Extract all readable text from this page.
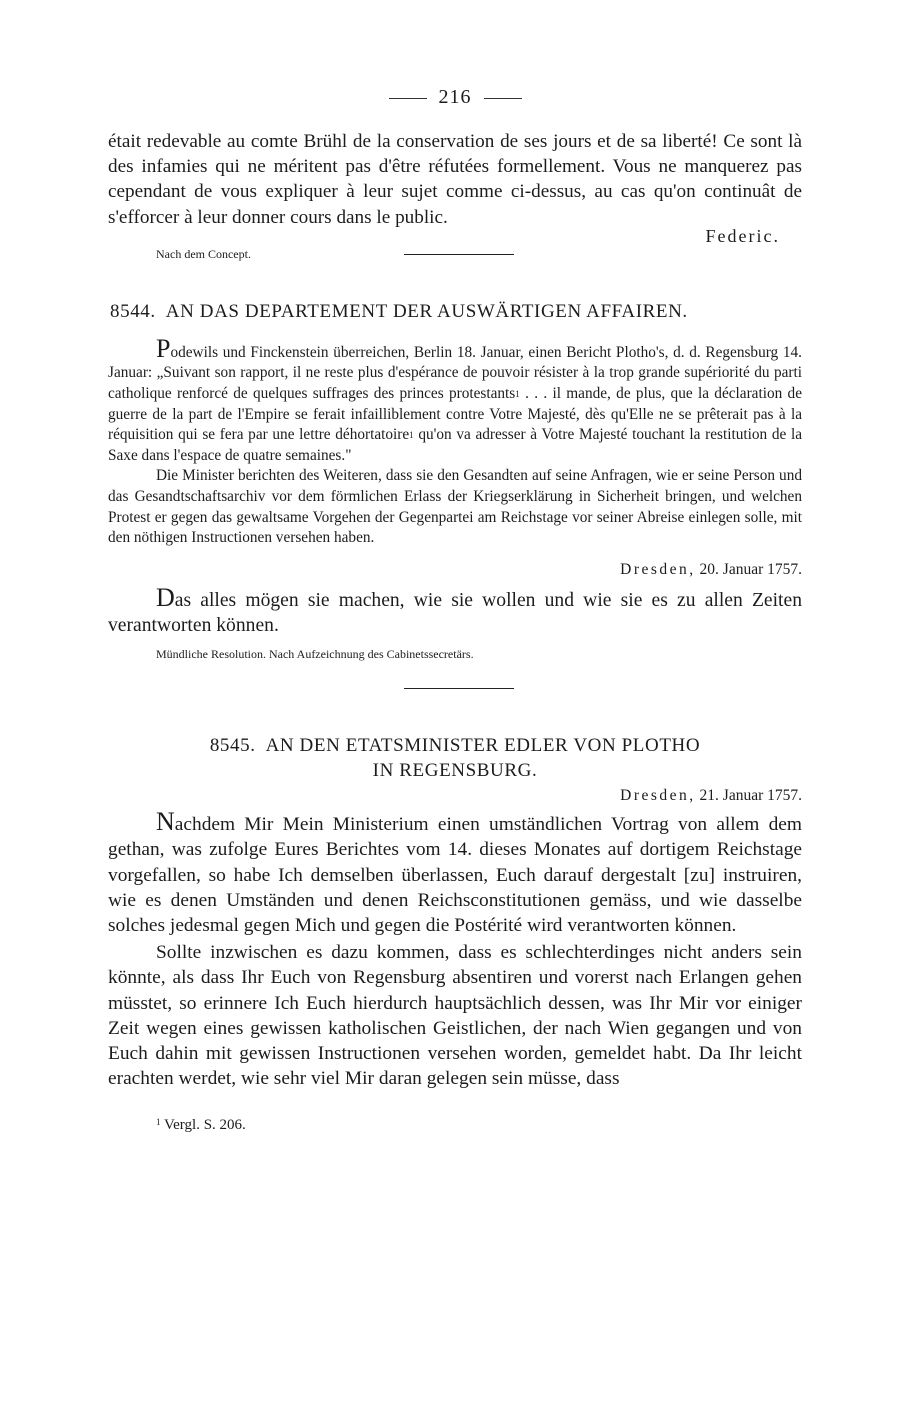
216

était redevable au comte Brühl de la conservation de ses jours et de sa liberté! Ce sont là des infamies qui ne méritent pas d'être réfutées formellement. Vous ne manquerez pas cependant de vous expliquer à leur sujet comme ci-dessus, au cas qu'on continuât de s'efforcer à leur donner cours dans le public.

Nach dem Concept.

Federic.

8544. AN DAS DEPARTEMENT DER AUSWÄRTIGEN AFFAIREN.

Podewils und Finckenstein überreichen, Berlin 18. Januar, einen Bericht Plotho's, d. d. Regensburg 14. Januar: „Suivant son rapport, il ne reste plus d'espérance de pouvoir résister à la trop grande supériorité du parti catholique renforcé de quelques suffrages des princes protestants$^1$ . . . il mande, de plus, que la déclaration de guerre de la part de l'Empire se ferait infailliblement contre Votre Majesté, dès qu'Elle ne se prêterait pas à la réquisition qui se fera par une lettre déhortatoire$^1$ qu'on va adresser à Votre Majesté touchant la restitution de la Saxe dans l'espace de quatre semaines."

Die Minister berichten des Weiteren, dass sie den Gesandten auf seine Anfragen, wie er seine Person und das Gesandtschaftsarchiv vor dem förmlichen Erlass der Kriegserklärung in Sicherheit bringen, und welchen Protest er gegen das gewaltsame Vorgehen der Gegenpartei am Reichstage vor seiner Abreise einlegen solle, mit den nöthigen Instructionen versehen haben.

Dresden, 20. Januar 1757.

Das alles mögen sie machen, wie sie wollen und wie sie es zu allen Zeiten verantworten können.

Mündliche Resolution. Nach Aufzeichnung des Cabinetssecretärs.

8545. AN DEN ETATSMINISTER EDLER VON PLOTHO

IN REGENSBURG.

Dresden, 21. Januar 1757.

Nachdem Mir Mein Ministerium einen umständlichen Vortrag von allem dem gethan, was zufolge Eures Berichtes vom 14. dieses Monates auf dortigem Reichstage vorgefallen, so habe Ich demselben überlassen, Euch darauf dergestalt [zu] instruiren, wie es denen Umständen und denen Reichsconstitutionen gemäss, und wie dasselbe solches jedesmal gegen Mich und gegen die Postérité wird verantworten können.

Sollte inzwischen es dazu kommen, dass es schlechterdinges nicht anders sein könnte, als dass Ihr Euch von Regensburg absentiren und vorerst nach Erlangen gehen müsstet, so erinnere Ich Euch hierdurch hauptsächlich dessen, was Ihr Mir vor einiger Zeit wegen eines gewissen katholischen Geistlichen, der nach Wien gegangen und von Euch dahin mit gewissen Instructionen versehen worden, gemeldet habt. Da Ihr leicht erachten werdet, wie sehr viel Mir daran gelegen sein müsse, dass

$^1$ Vergl. S. 206.
